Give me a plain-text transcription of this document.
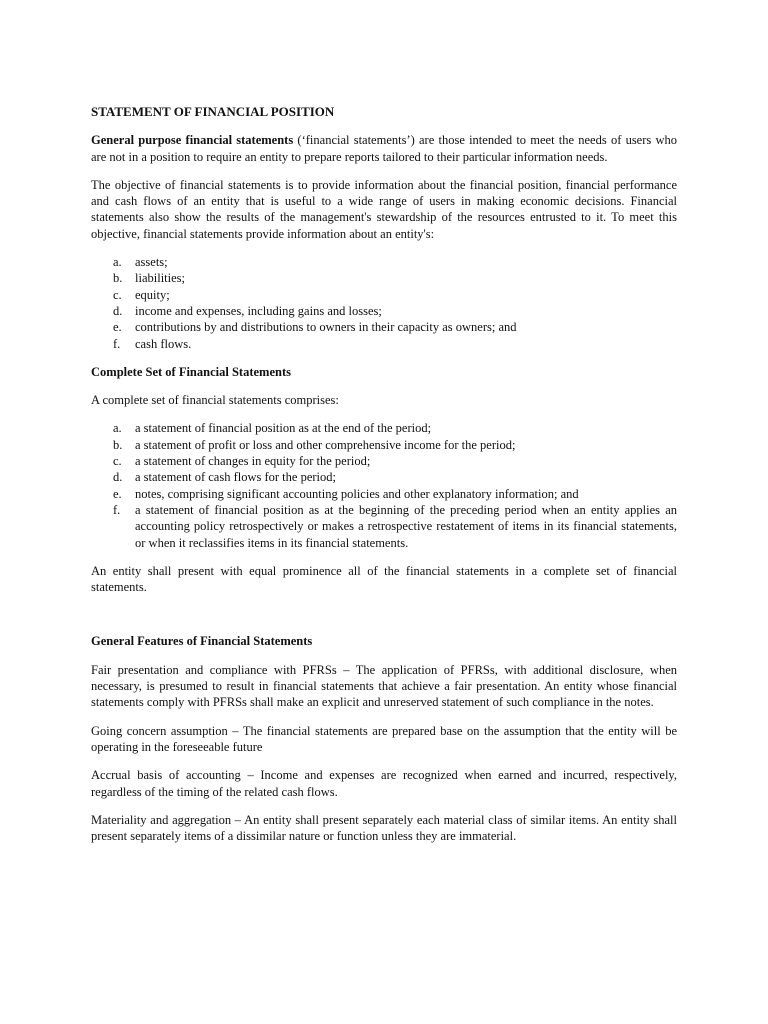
STATEMENT OF FINANCIAL POSITION

General purpose financial statements (‘financial statements’) are those intended to meet the needs of users who are not in a position to require an entity to prepare reports tailored to their particular information needs.

The objective of financial statements is to provide information about the financial position, financial performance and cash flows of an entity that is useful to a wide range of users in making economic decisions. Financial statements also show the results of the management's stewardship of the resources entrusted to it. To meet this objective, financial statements provide information about an entity's:

a. assets;
b. liabilities;
c. equity;
d. income and expenses, including gains and losses;
e. contributions by and distributions to owners in their capacity as owners; and
f. cash flows.
Complete Set of Financial Statements

A complete set of financial statements comprises:

a. a statement of financial position as at the end of the period;
b. a statement of profit or loss and other comprehensive income for the period;
c. a statement of changes in equity for the period;
d. a statement of cash flows for the period;
e. notes, comprising significant accounting policies and other explanatory information; and
f. a statement of financial position as at the beginning of the preceding period when an entity applies an accounting policy retrospectively or makes a retrospective restatement of items in its financial statements, or when it reclassifies items in its financial statements.

An entity shall present with equal prominence all of the financial statements in a complete set of financial statements.

General Features of Financial Statements

Fair presentation and compliance with PFRSs – The application of PFRSs, with additional disclosure, when necessary, is presumed to result in financial statements that achieve a fair presentation. An entity whose financial statements comply with PFRSs shall make an explicit and unreserved statement of such compliance in the notes.

Going concern assumption – The financial statements are prepared base on the assumption that the entity will be operating in the foreseeable future

Accrual basis of accounting – Income and expenses are recognized when earned and incurred, respectively, regardless of the timing of the related cash flows.

Materiality and aggregation – An entity shall present separately each material class of similar items. An entity shall present separately items of a dissimilar nature or function unless they are immaterial.
